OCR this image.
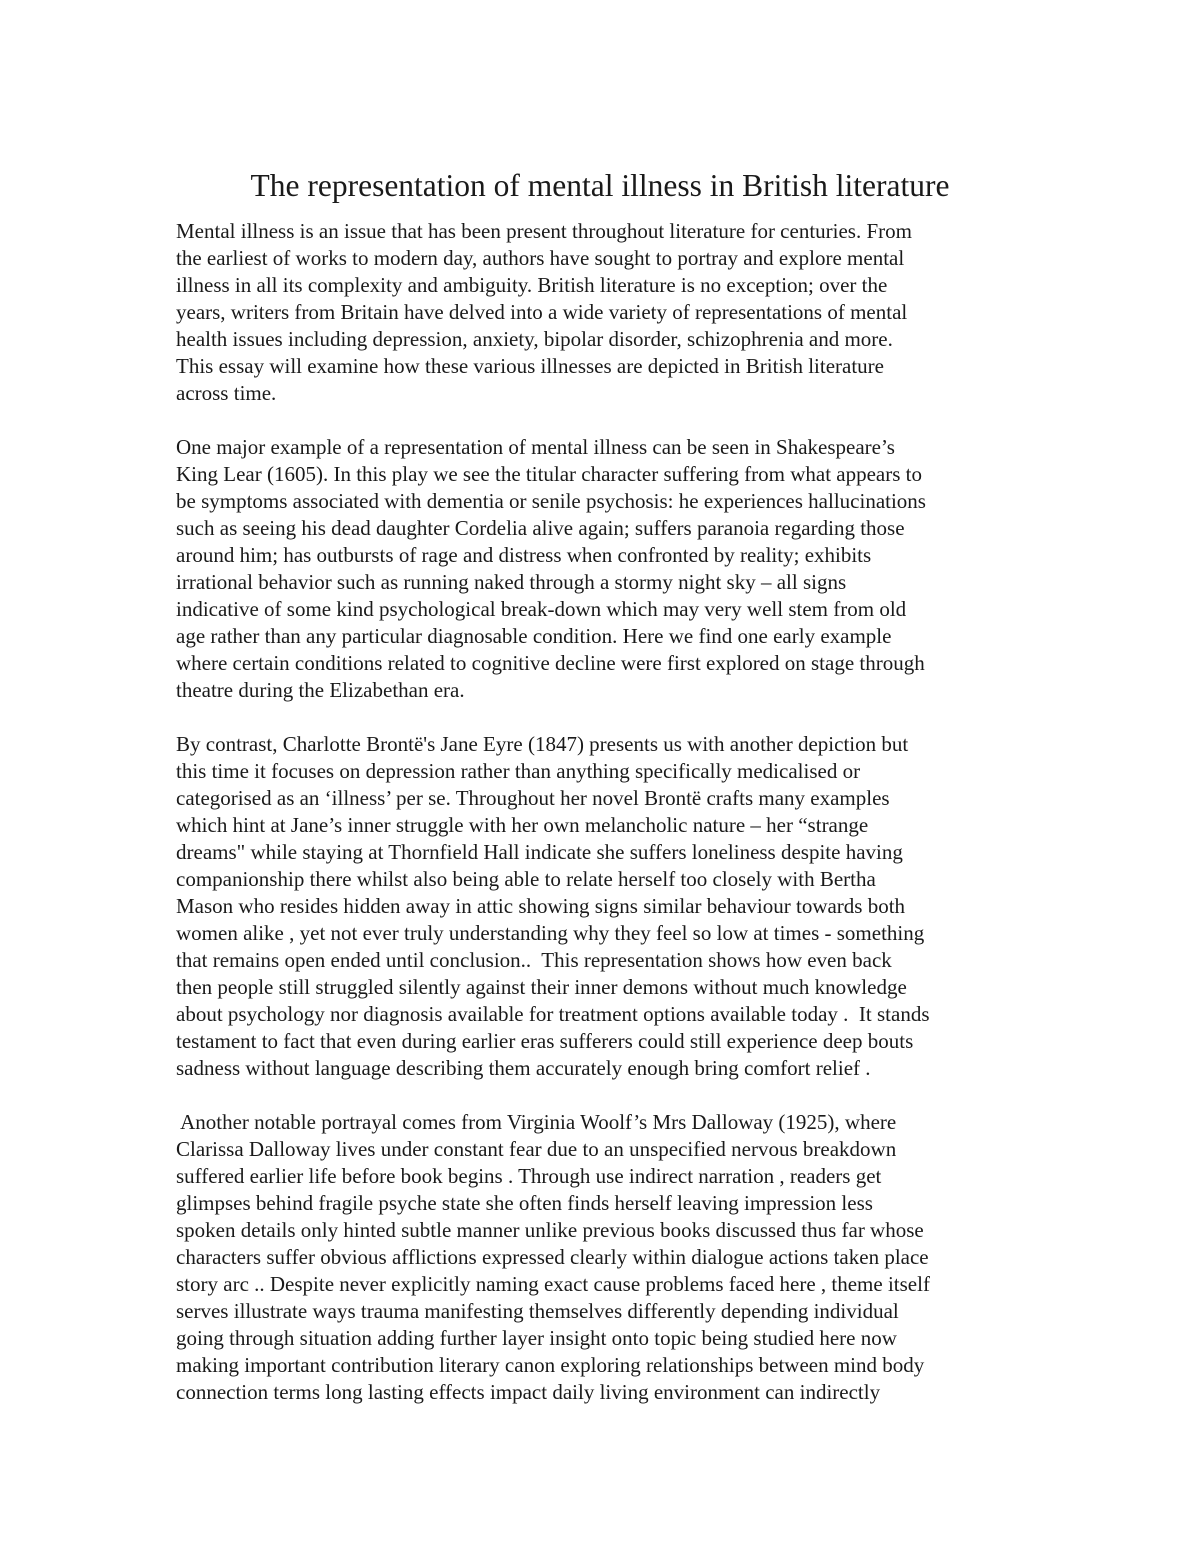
The representation of mental illness in British literature
Mental illness is an issue that has been present throughout literature for centuries. From
the earliest of works to modern day, authors have sought to portray and explore mental
illness in all its complexity and ambiguity. British literature is no exception; over the
years, writers from Britain have delved into a wide variety of representations of mental
health issues including depression, anxiety, bipolar disorder, schizophrenia and more.
This essay will examine how these various illnesses are depicted in British literature
across time.
One major example of a representation of mental illness can be seen in Shakespeare’s
King Lear (1605). In this play we see the titular character suffering from what appears to
be symptoms associated with dementia or senile psychosis: he experiences hallucinations
such as seeing his dead daughter Cordelia alive again; suffers paranoia regarding those
around him; has outbursts of rage and distress when confronted by reality; exhibits
irrational behavior such as running naked through a stormy night sky – all signs
indicative of some kind psychological break-down which may very well stem from old
age rather than any particular diagnosable condition. Here we find one early example
where certain conditions related to cognitive decline were first explored on stage through
theatre during the Elizabethan era.
By contrast, Charlotte Brontë's Jane Eyre (1847) presents us with another depiction but
this time it focuses on depression rather than anything specifically medicalised or
categorised as an ‘illness’ per se. Throughout her novel Brontë crafts many examples
which hint at Jane’s inner struggle with her own melancholic nature – her “strange
dreams" while staying at Thornfield Hall indicate she suffers loneliness despite having
companionship there whilst also being able to relate herself too closely with Bertha
Mason who resides hidden away in attic showing signs similar behaviour towards both
women alike , yet not ever truly understanding why they feel so low at times - something
that remains open ended until conclusion..  This representation shows how even back
then people still struggled silently against their inner demons without much knowledge
about psychology nor diagnosis available for treatment options available today .  It stands
testament to fact that even during earlier eras sufferers could still experience deep bouts
sadness without language describing them accurately enough bring comfort relief .
Another notable portrayal comes from Virginia Woolf’s Mrs Dalloway (1925), where
Clarissa Dalloway lives under constant fear due to an unspecified nervous breakdown
suffered earlier life before book begins . Through use indirect narration , readers get
glimpses behind fragile psyche state she often finds herself leaving impression less
spoken details only hinted subtle manner unlike previous books discussed thus far whose
characters suffer obvious afflictions expressed clearly within dialogue actions taken place
story arc .. Despite never explicitly naming exact cause problems faced here , theme itself
serves illustrate ways trauma manifesting themselves differently depending individual
going through situation adding further layer insight onto topic being studied here now
making important contribution literary canon exploring relationships between mind body
connection terms long lasting effects impact daily living environment can indirectly
